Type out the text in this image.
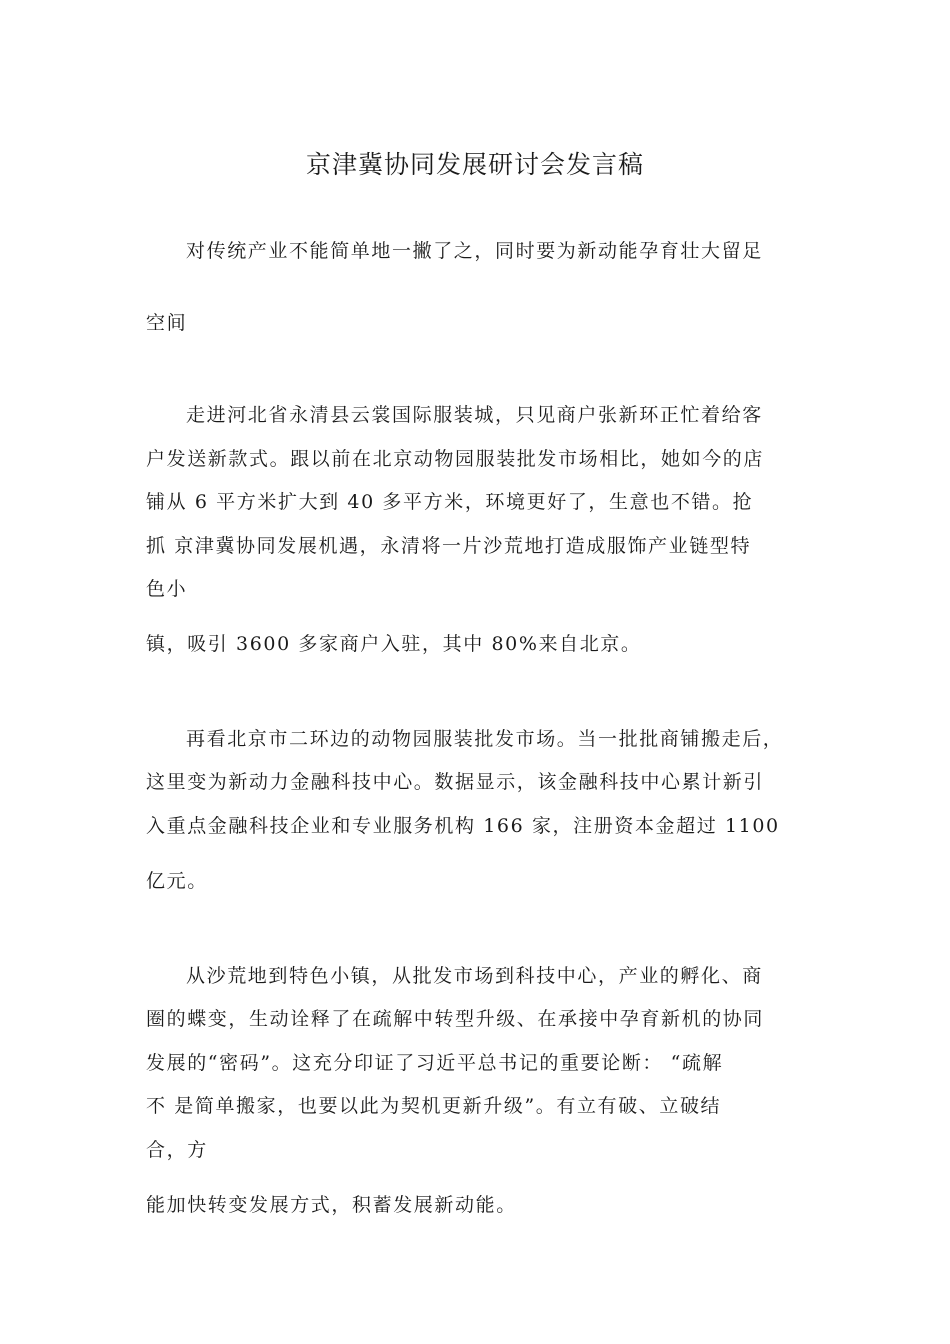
京津冀协同发展研讨会发言稿
对传统产业不能简单地一撇了之，同时要为新动能孕育壮大留足
空间
走进河北省永清县云裳国际服装城，只见商户张新环正忙着给客
户发送新款式。跟以前在北京动物园服装批发市场相比，她如今的店
铺从 6 平方米扩大到 40 多平方米，环境更好了，生意也不错。抢
抓 京津冀协同发展机遇，永清将一片沙荒地打造成服饰产业链型特
色小
镇，吸引 3600 多家商户入驻，其中 80%来自北京。
再看北京市二环边的动物园服装批发市场。当一批批商铺搬走后，
这里变为新动力金融科技中心。数据显示，该金融科技中心累计新引
入重点金融科技企业和专业服务机构 166 家，注册资本金超过 1100
亿元。
从沙荒地到特色小镇，从批发市场到科技中心，产业的孵化、商
圈的蝶变，生动诠释了在疏解中转型升级、在承接中孕育新机的协同
发展的“密码”。这充分印证了习近平总书记的重要论断： “疏解
不 是简单搬家，也要以此为契机更新升级”。有立有破、立破结
合，方
能加快转变发展方式，积蓄发展新动能。
